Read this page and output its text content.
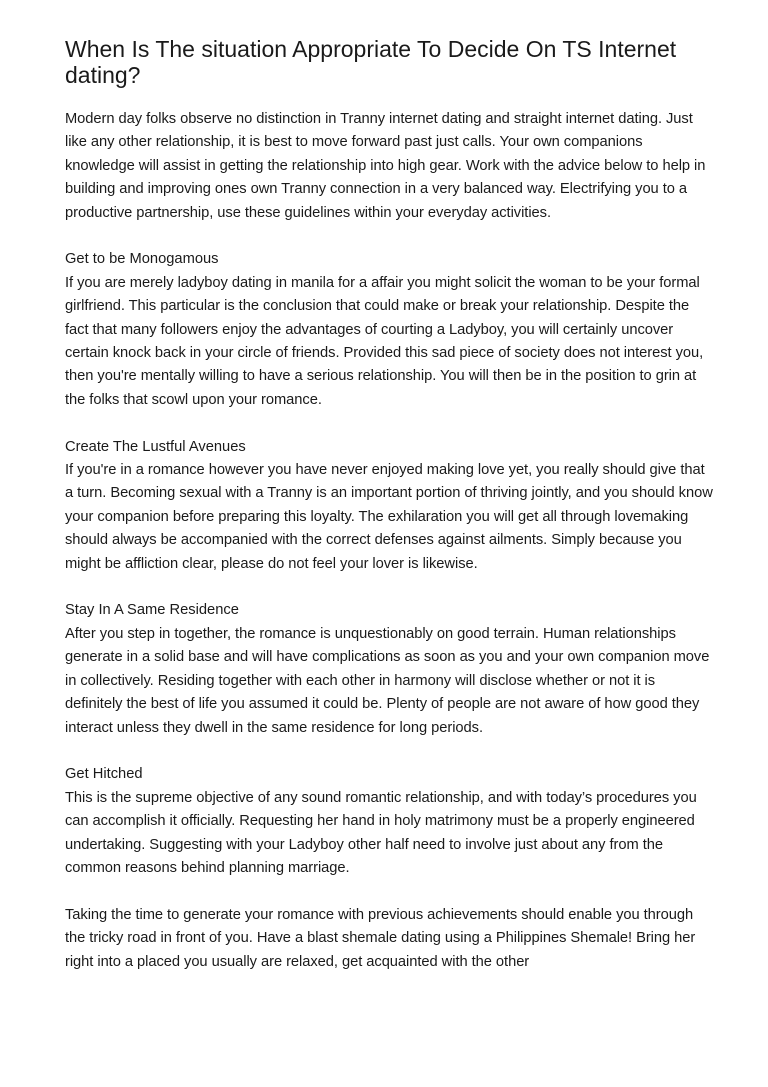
When Is The situation Appropriate To Decide On TS Internet dating?

Modern day folks observe no distinction in Tranny internet dating and straight internet dating. Just like any other relationship, it is best to move forward past just calls. Your own companions knowledge will assist in getting the relationship into high gear. Work with the advice below to help in building and improving ones own Tranny connection in a very balanced way. Electrifying you to a productive partnership, use these guidelines within your everyday activities.

Get to be Monogamous

If you are merely ladyboy dating in manila for a affair you might solicit the woman to be your formal girlfriend. This particular is the conclusion that could make or break your relationship. Despite the fact that many followers enjoy the advantages of courting a Ladyboy, you will certainly uncover certain knock back in your circle of friends. Provided this sad piece of society does not interest you, then you're mentally willing to have a serious relationship. You will then be in the position to grin at the folks that scowl upon your romance.

Create The Lustful Avenues

If you're in a romance however you have never enjoyed making love yet, you really should give that a turn. Becoming sexual with a Tranny is an important portion of thriving jointly, and you should know your companion before preparing this loyalty. The exhilaration you will get all through lovemaking should always be accompanied with the correct defenses against ailments. Simply because you might be affliction clear, please do not feel your lover is likewise.

Stay In A Same Residence

After you step in together, the romance is unquestionably on good terrain. Human relationships generate in a solid base and will have complications as soon as you and your own companion move in collectively. Residing together with each other in harmony will disclose whether or not it is definitely the best of life you assumed it could be. Plenty of people are not aware of how good they interact unless they dwell in the same residence for long periods.

Get Hitched

This is the supreme objective of any sound romantic relationship, and with today’s procedures you can accomplish it officially. Requesting her hand in holy matrimony must be a properly engineered undertaking. Suggesting with your Ladyboy other half need to involve just about any from the common reasons behind planning marriage.

Taking the time to generate your romance with previous achievements should enable you through the tricky road in front of you. Have a blast shemale dating using a Philippines Shemale! Bring her right into a placed you usually are relaxed, get acquainted with the other
